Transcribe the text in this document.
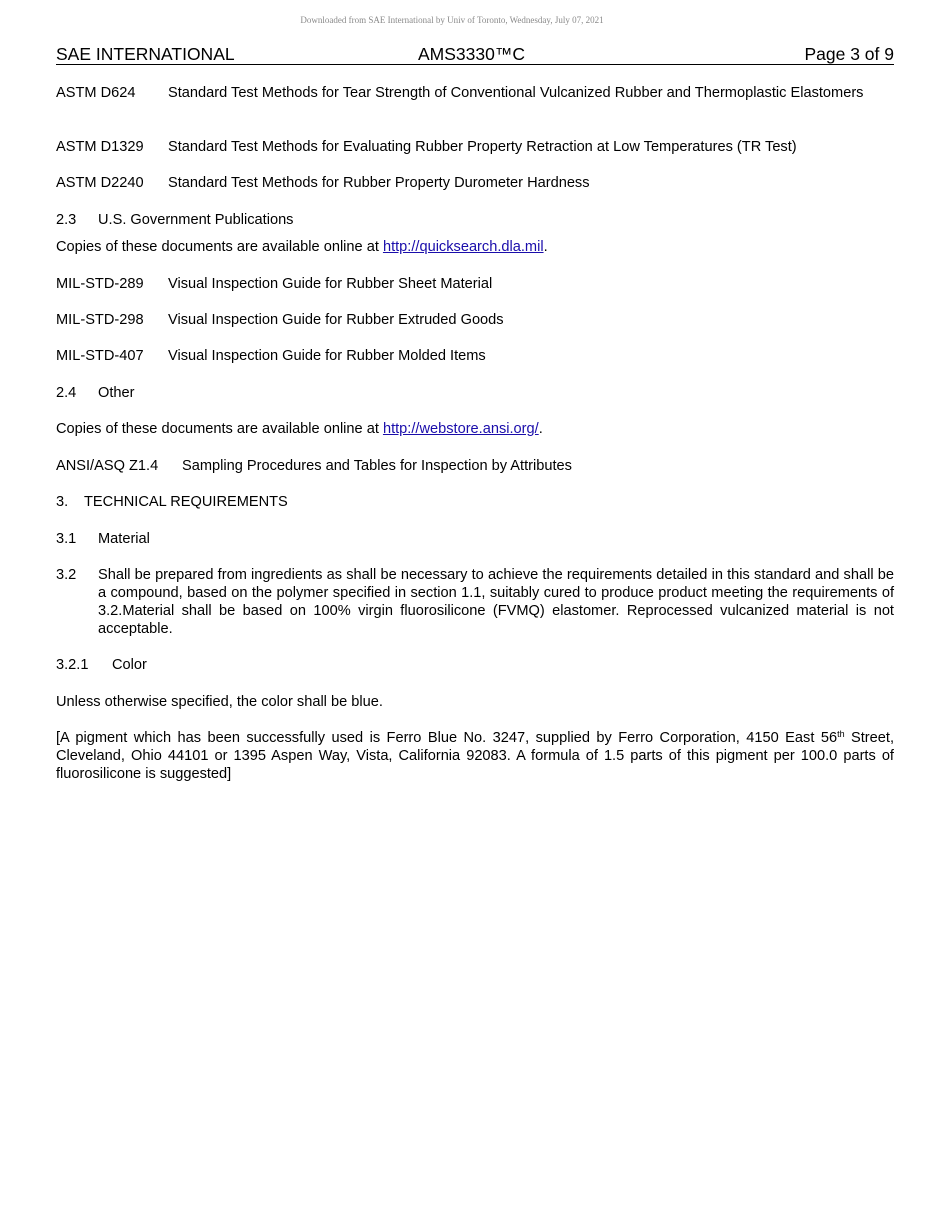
Downloaded from SAE International by Univ of Toronto, Wednesday, July 07, 2021
SAE INTERNATIONAL	AMS3330™C	Page 3 of 9
ASTM D624 Standard Test Methods for Tear Strength of Conventional Vulcanized Rubber and Thermoplastic Elastomers
ASTM D1329 Standard Test Methods for Evaluating Rubber Property Retraction at Low Temperatures (TR Test)
ASTM D2240 Standard Test Methods for Rubber Property Durometer Hardness
2.3 U.S. Government Publications
Copies of these documents are available online at http://quicksearch.dla.mil.
MIL-STD-289 Visual Inspection Guide for Rubber Sheet Material
MIL-STD-298 Visual Inspection Guide for Rubber Extruded Goods
MIL-STD-407 Visual Inspection Guide for Rubber Molded Items
2.4 Other
Copies of these documents are available online at http://webstore.ansi.org/.
ANSI/ASQ Z1.4 Sampling Procedures and Tables for Inspection by Attributes
3. TECHNICAL REQUIREMENTS
3.1 Material
3.2 Shall be prepared from ingredients as shall be necessary to achieve the requirements detailed in this standard and shall be a compound, based on the polymer specified in section 1.1, suitably cured to produce product meeting the requirements of 3.2.Material shall be based on 100% virgin fluorosilicone (FVMQ) elastomer. Reprocessed vulcanized material is not acceptable.
3.2.1 Color
Unless otherwise specified, the color shall be blue.
[A pigment which has been successfully used is Ferro Blue No. 3247, supplied by Ferro Corporation, 4150 East 56th Street, Cleveland, Ohio 44101 or 1395 Aspen Way, Vista, California 92083. A formula of 1.5 parts of this pigment per 100.0 parts of fluorosilicone is suggested]
